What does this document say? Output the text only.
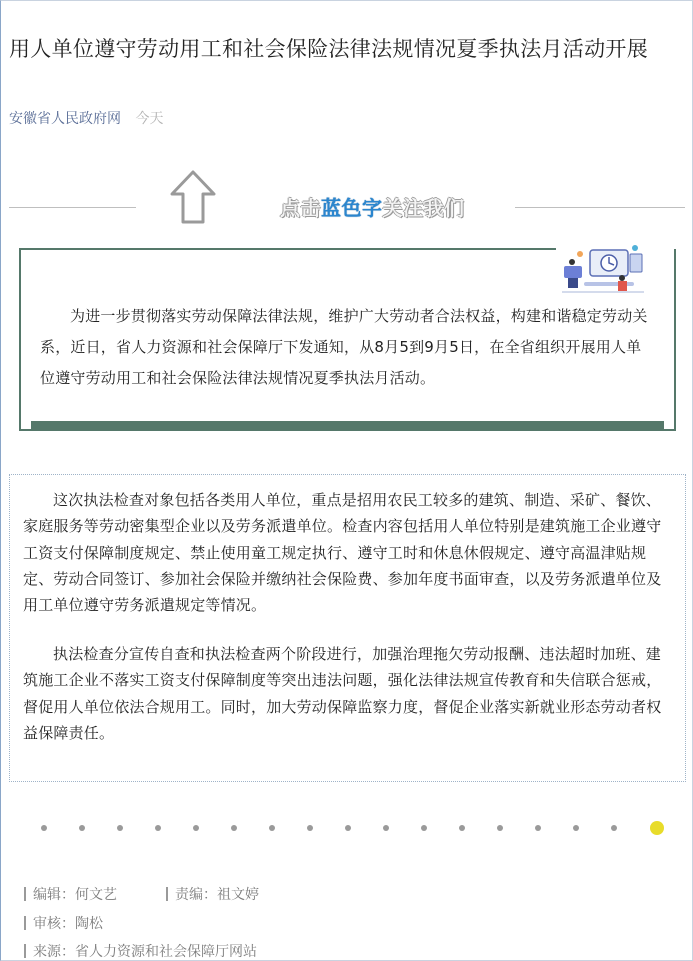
用人单位遵守劳动用工和社会保险法律法规情况夏季执法月活动开展
安徽省人民政府网 今天
点击蓝色字关注我们

为进一步贯彻落实劳动保障法律法规，维护广大劳动者合法权益，构建和谐稳定劳动关系，近日，省人力资源和社会保障厅下发通知，从8月5到9月5日，在全省组织开展用人单位遵守劳动用工和社会保险法律法规情况夏季执法月活动。

这次执法检查对象包括各类用人单位，重点是招用农民工较多的建筑、制造、采矿、餐饮、家庭服务等劳动密集型企业以及劳务派遣单位。检查内容包括用人单位特别是建筑施工企业遵守工资支付保障制度规定、禁止使用童工规定执行、遵守工时和休息休假规定、遵守高温津贴规定、劳动合同签订、参加社会保险并缴纳社会保险费、参加年度书面审查，以及劳务派遣单位及用工单位遵守劳务派遣规定等情况。

执法检查分宣传自查和执法检查两个阶段进行，加强治理拖欠劳动报酬、违法超时加班、建筑施工企业不落实工资支付保障制度等突出违法问题，强化法律法规宣传教育和失信联合惩戒，督促用人单位依法合规用工。同时，加大劳动保障监察力度，督促企业落实新就业形态劳动者权益保障责任。

编辑：何文艺	责编：祖文婷
审核：陶松
来源：省人力资源和社会保障厅网站
